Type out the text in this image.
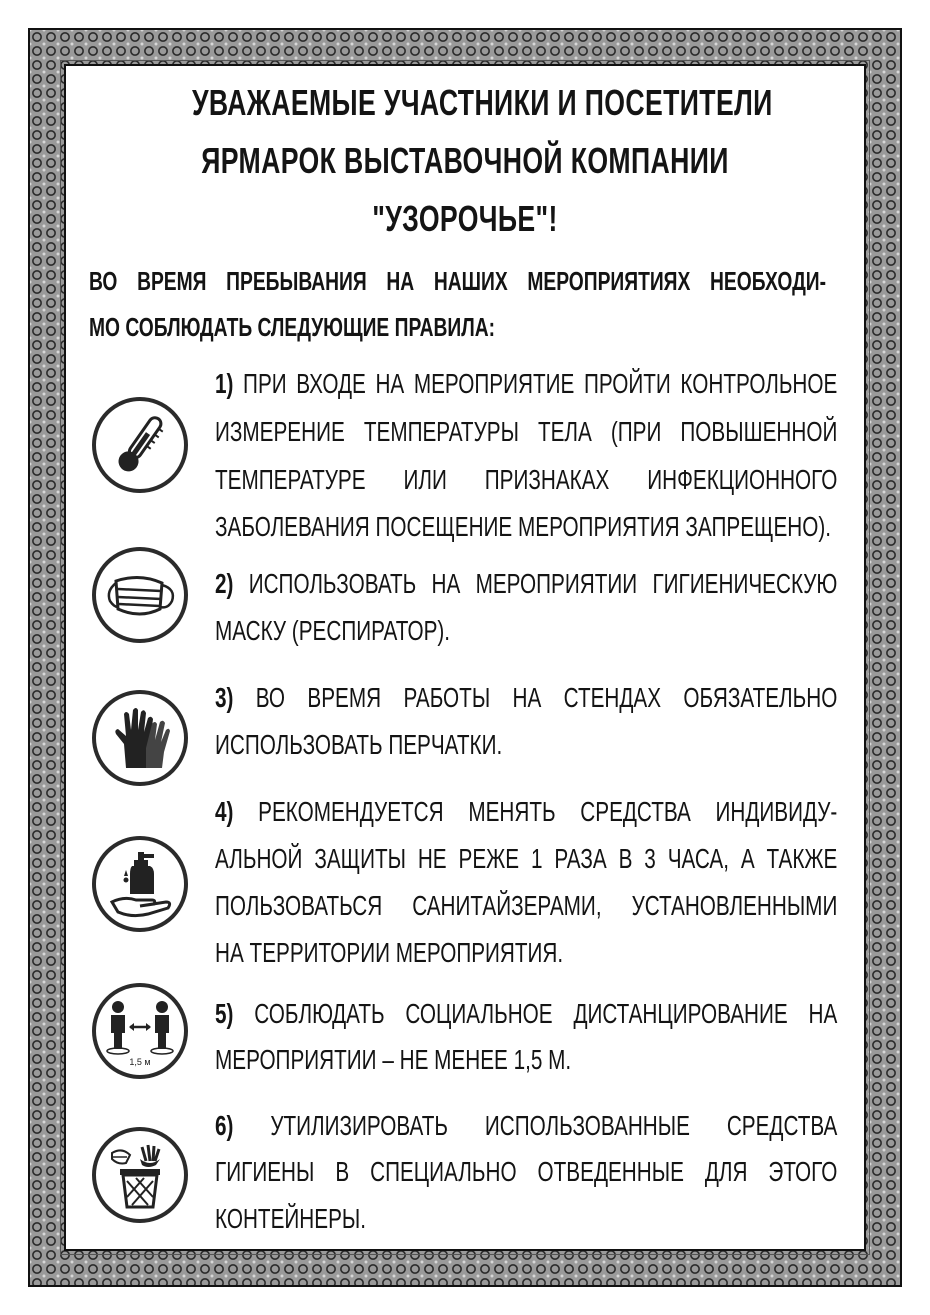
УВАЖАЕМЫЕ УЧАСТНИКИ И ПОСЕТИТЕЛИ
ЯРМАРОК ВЫСТАВОЧНОЙ КОМПАНИИ
"УЗОРОЧЬЕ"!
ВО ВРЕМЯ ПРЕБЫВАНИЯ НА НАШИХ МЕРОПРИЯТИЯХ НЕОБХОДИ-
МО СОБЛЮДАТЬ СЛЕДУЮЩИЕ ПРАВИЛА:
1) ПРИ ВХОДЕ НА МЕРОПРИЯТИЕ ПРОЙТИ КОНТРОЛЬНОЕ
ИЗМЕРЕНИЕ ТЕМПЕРАТУРЫ ТЕЛА (ПРИ ПОВЫШЕННОЙ
ТЕМПЕРАТУРЕ ИЛИ ПРИЗНАКАХ ИНФЕКЦИОННОГО
ЗАБОЛЕВАНИЯ ПОСЕЩЕНИЕ МЕРОПРИЯТИЯ ЗАПРЕЩЕНО).
2) ИСПОЛЬЗОВАТЬ НА МЕРОПРИЯТИИ ГИГИЕНИЧЕСКУЮ
МАСКУ (РЕСПИРАТОР).
3) ВО ВРЕМЯ РАБОТЫ НА СТЕНДАХ ОБЯЗАТЕЛЬНО
ИСПОЛЬЗОВАТЬ ПЕРЧАТКИ.
4) РЕКОМЕНДУЕТСЯ МЕНЯТЬ СРЕДСТВА ИНДИВИДУ-
АЛЬНОЙ ЗАЩИТЫ НЕ РЕЖЕ 1 РАЗА В 3 ЧАСА, А ТАКЖЕ
ПОЛЬЗОВАТЬСЯ САНИТАЙЗЕРАМИ, УСТАНОВЛЕННЫМИ
НА ТЕРРИТОРИИ МЕРОПРИЯТИЯ.
1,5 м
5) СОБЛЮДАТЬ СОЦИАЛЬНОЕ ДИСТАНЦИРОВАНИЕ НА
МЕРОПРИЯТИИ – НЕ МЕНЕЕ 1,5 М.
6) УТИЛИЗИРОВАТЬ ИСПОЛЬЗОВАННЫЕ СРЕДСТВА
ГИГИЕНЫ В СПЕЦИАЛЬНО ОТВЕДЕННЫЕ ДЛЯ ЭТОГО
КОНТЕЙНЕРЫ.
